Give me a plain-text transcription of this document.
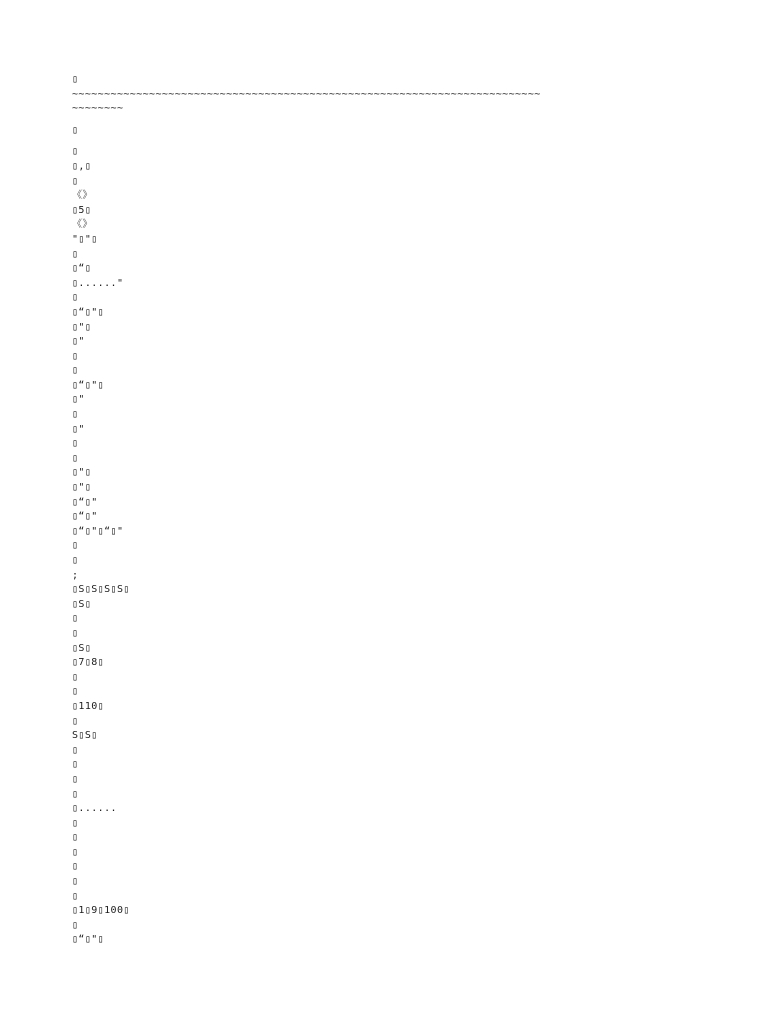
▯
~~~~~~~~~~~~~~~~~~~~~~~~~~~~~~~~~~~~~~~~~~~~~~~~~~~~~~~~~~~~~~~~~~~~~~~~~
~~~~~~~~
▯
▯
▯,▯
▯
《》
▯5▯
《》
"▯"▯
▯
▯“▯
▯......"
▯
▯“▯"▯
▯"▯
▯"
▯
▯
▯“▯"▯
▯"
▯
▯"
▯
▯
▯"▯
▯"▯
▯“▯"
▯“▯"
▯“▯"▯“▯"
▯
▯
;
▯S▯S▯S▯S▯
▯S▯
▯
▯
▯S▯
▯7▯8▯
▯
▯
▯110▯
▯
S▯S▯
▯
▯
▯
▯
▯......
▯
▯
▯
▯
▯
▯
▯1▯9▯100▯
▯
▯“▯"▯
